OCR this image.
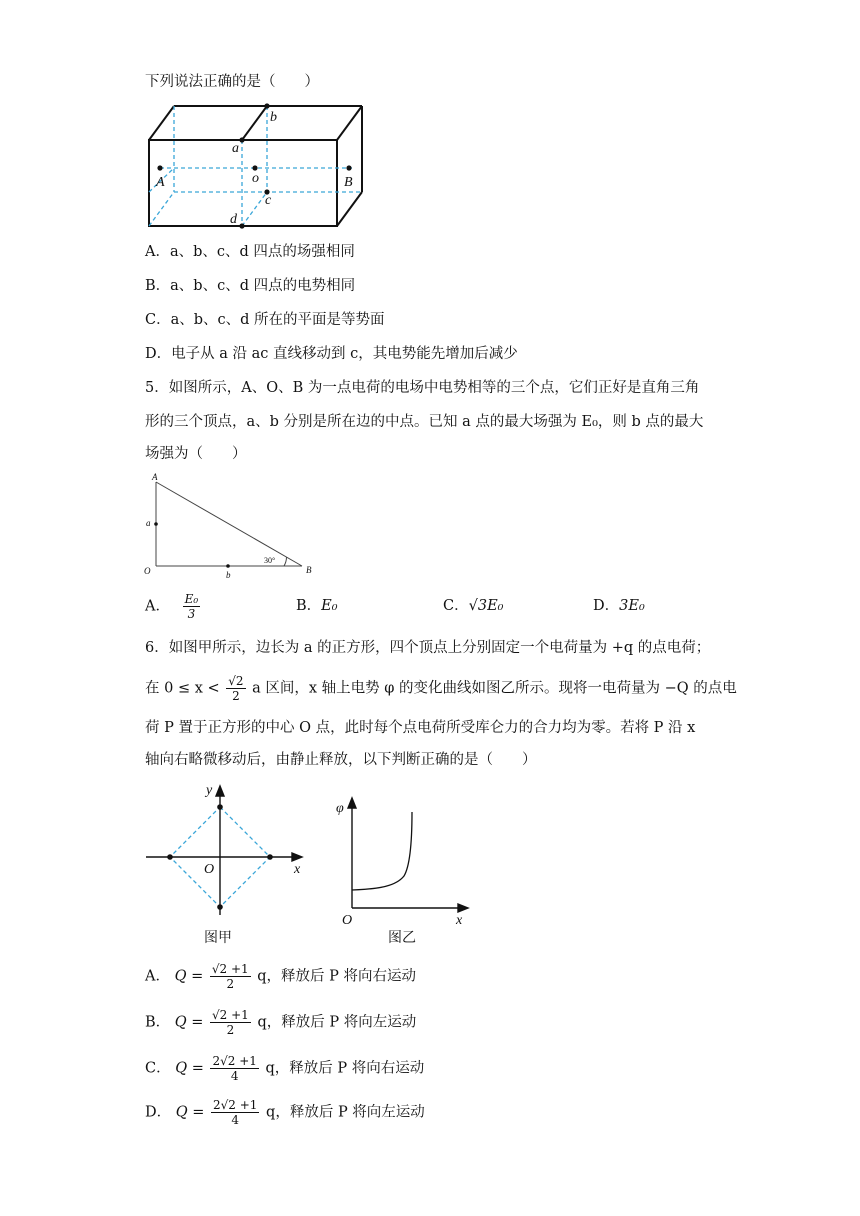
下列说法正确的是（　　）
b
a
A	o	B
c
d
A．a、b、c、d 四点的场强相同
B．a、b、c、d 四点的电势相同
C．a、b、c、d 所在的平面是等势面
D．电子从 a 沿 ac 直线移动到 c，其电势能先增加后减少
5．如图所示，A、O、B 为一点电荷的电场中电势相等的三个点，它们正好是直角三角
形的三个顶点，a、b 分别是所在边的中点。已知 a 点的最大场强为 E₀，则 b 点的最大
场强为（　　）
A
a
O	b	B
30°
A． $\frac{\text{E₀}}{3}$	B．E₀	C．√3E₀	D．3E₀
6．如图甲所示，边长为 a 的正方形，四个顶点上分别固定一个电荷量为 +q 的点电荷；
在 $0 \le x < \frac{√2}{2}$ a 区间，x 轴上电势 φ 的变化曲线如图乙所示。现将一电荷量为 −Q 的点电
荷 P 置于正方形的中心 O 点，此时每个点电荷所受库仑力的合力均为零。若将 P 沿 x
轴向右略微移动后，由静止释放，以下判断正确的是（　　）
y
x
O
图甲
φ
x
O
图乙
A． $Q = \frac{√2 +1}{2}$ q，释放后 P 将向右运动
B． $Q = \frac{√2 +1}{2}$ q，释放后 P 将向左运动
C． $Q = \frac{2√2 +1}{4}$ q，释放后 P 将向右运动
D． $Q = \frac{2√2 +1}{4}$ q，释放后 P 将向左运动
